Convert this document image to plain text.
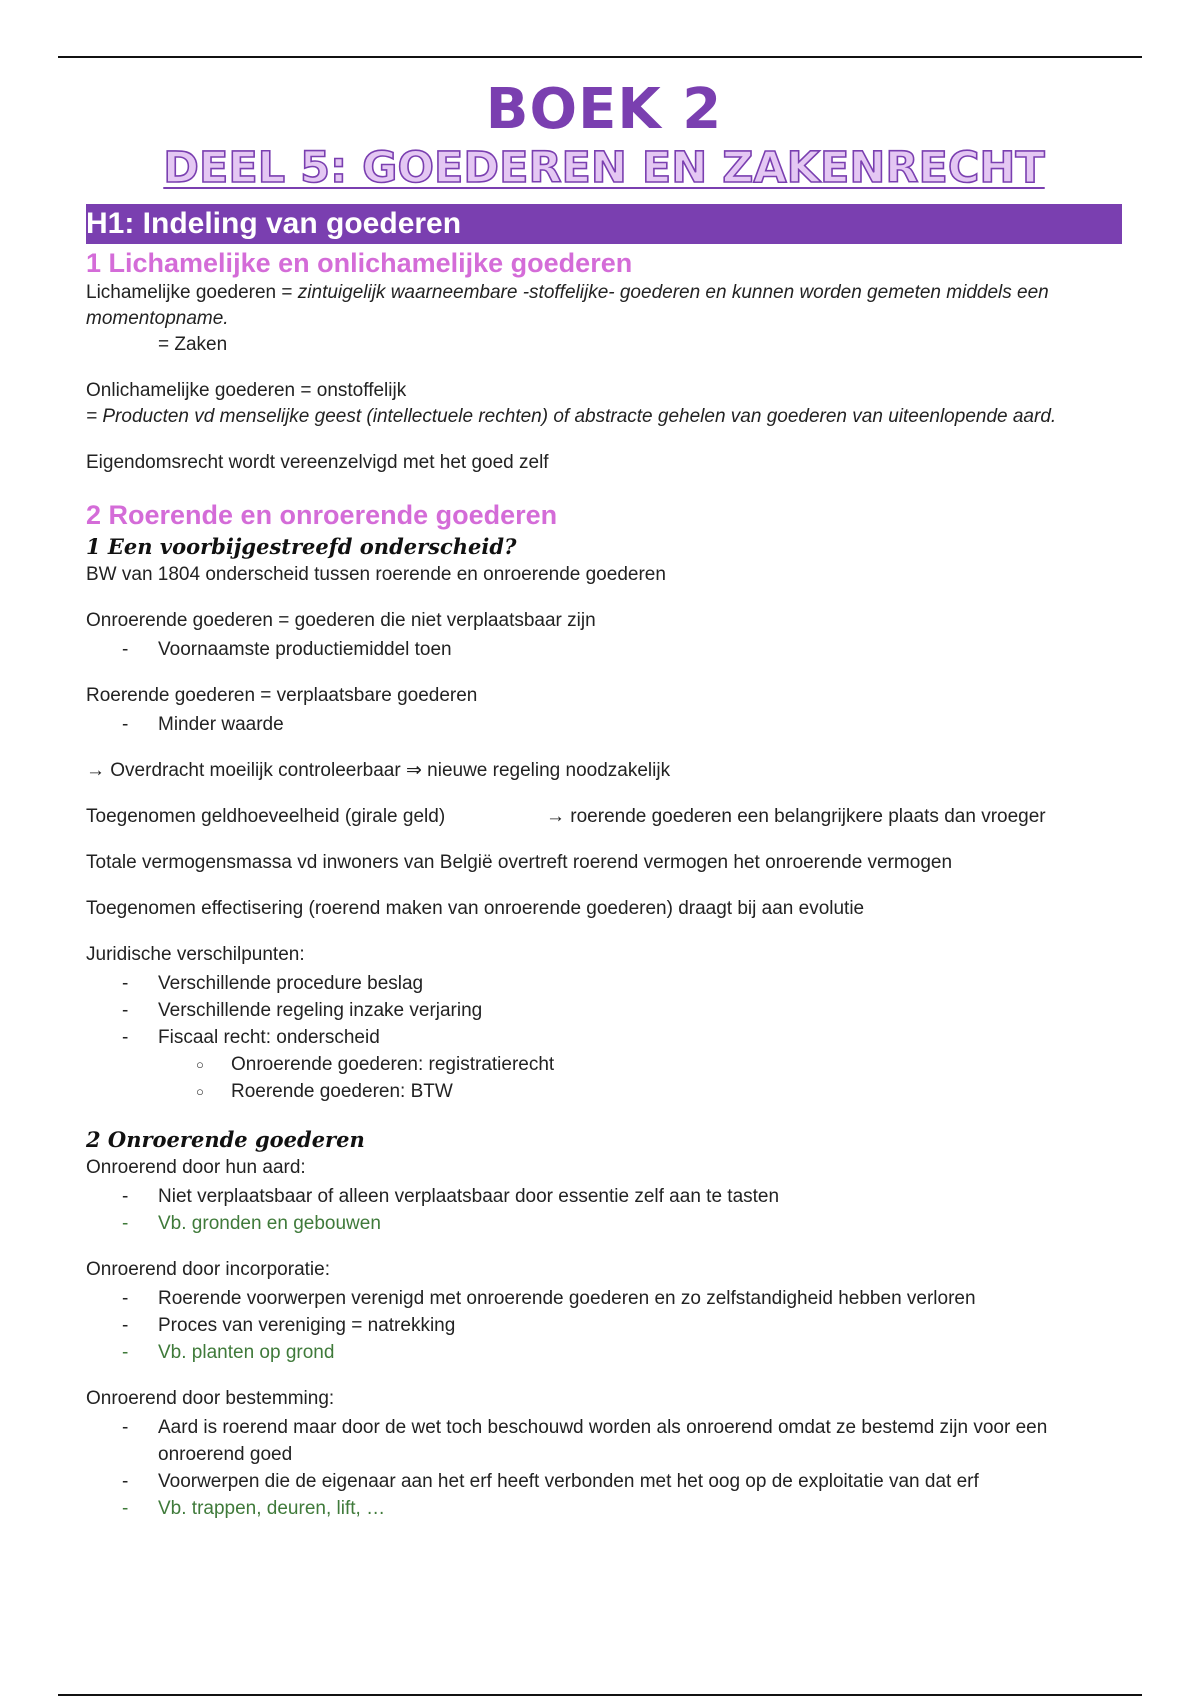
BOEK 2
DEEL 5: GOEDEREN EN ZAKENRECHT
H1: Indeling van goederen
1 Lichamelijke en onlichamelijke goederen

Lichamelijke goederen = zintuigelijk waarneembare -stoffelijke- goederen en kunnen worden gemeten middels een momentopname.

= Zaken

Onlichamelijke goederen = onstoffelijk

= Producten vd menselijke geest (intellectuele rechten) of abstracte gehelen van goederen van uiteenlopende aard.

Eigendomsrecht wordt vereenzelvigd met het goed zelf

2 Roerende en onroerende goederen
1 Een voorbijgestreefd onderscheid?

BW van 1804 onderscheid tussen roerende en onroerende goederen

Onroerende goederen = goederen die niet verplaatsbaar zijn

- Voornaamste productiemiddel toen

Roerende goederen = verplaatsbare goederen

- Minder waarde

→ Overdracht moeilijk controleerbaar ⇒ nieuwe regeling noodzakelijk

Toegenomen geldhoeveelheid (girale geld)	→ roerende goederen een belangrijkere plaats dan vroeger

Totale vermogensmassa vd inwoners van België overtreft roerend vermogen het onroerende vermogen

Toegenomen effectisering (roerend maken van onroerende goederen) draagt bij aan evolutie

Juridische verschilpunten:

- Verschillende procedure beslag
- Verschillende regeling inzake verjaring
- Fiscaal recht: onderscheid
○ Onroerende goederen: registratierecht
○ Roerende goederen: BTW
2 Onroerende goederen

Onroerend door hun aard:

- Niet verplaatsbaar of alleen verplaatsbaar door essentie zelf aan te tasten
- Vb. gronden en gebouwen

Onroerend door incorporatie:

- Roerende voorwerpen verenigd met onroerende goederen en zo zelfstandigheid hebben verloren
- Proces van vereniging = natrekking
- Vb. planten op grond

Onroerend door bestemming:

- Aard is roerend maar door de wet toch beschouwd worden als onroerend omdat ze bestemd zijn voor een onroerend goed
- Voorwerpen die de eigenaar aan het erf heeft verbonden met het oog op de exploitatie van dat erf
- Vb. trappen, deuren, lift, …
